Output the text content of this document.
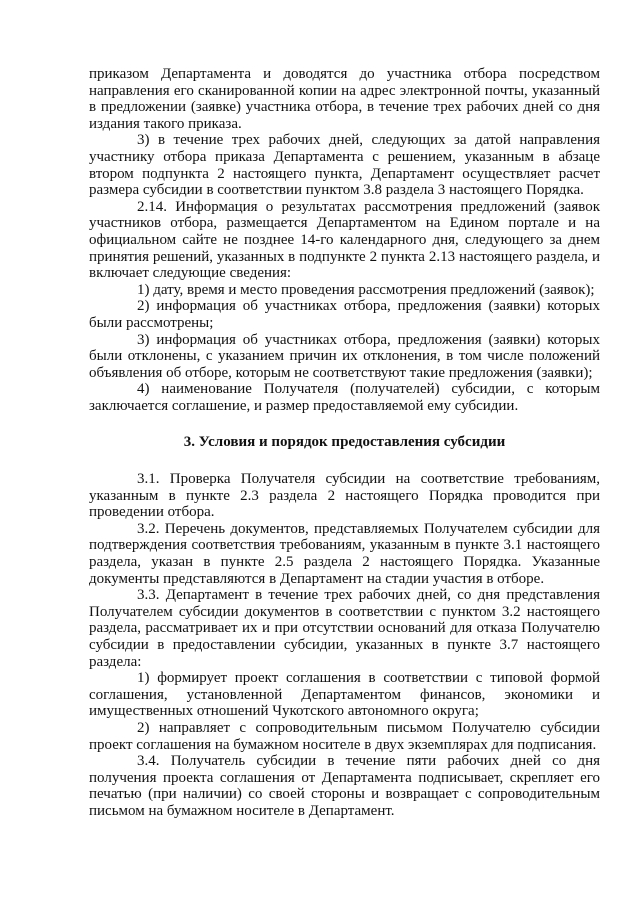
приказом Департамента и доводятся до участника отбора посредством направления его сканированной копии на адрес электронной почты, указанный в предложении (заявке) участника отбора, в течение трех рабочих дней со дня издания такого приказа.

3) в течение трех рабочих дней, следующих за датой направления участнику отбора приказа Департамента с решением, указанным в абзаце втором подпункта 2 настоящего пункта, Департамент осуществляет расчет размера субсидии в соответствии пунктом 3.8 раздела 3 настоящего Порядка.

2.14. Информация о результатах рассмотрения предложений (заявок участников отбора, размещается Департаментом на Едином портале и на официальном сайте не позднее 14-го календарного дня, следующего за днем принятия решений, указанных в подпункте 2 пункта 2.13 настоящего раздела, и включает следующие сведения:

1) дату, время и место проведения рассмотрения предложений (заявок);

2) информация об участниках отбора, предложения (заявки) которых были рассмотрены;

3) информация об участниках отбора, предложения (заявки) которых были отклонены, с указанием причин их отклонения, в том числе положений объявления об отборе, которым не соответствуют такие предложения (заявки);

4) наименование Получателя (получателей) субсидии, с которым заключается соглашение, и размер предоставляемой ему субсидии.

3. Условия и порядок предоставления субсидии

3.1. Проверка Получателя субсидии на соответствие требованиям, указанным в пункте 2.3 раздела 2 настоящего Порядка проводится при проведении отбора.

3.2. Перечень документов, представляемых Получателем субсидии для подтверждения соответствия требованиям, указанным в пункте 3.1 настоящего раздела, указан в пункте 2.5 раздела 2 настоящего Порядка. Указанные документы представляются в Департамент на стадии участия в отборе.

3.3. Департамент в течение трех рабочих дней, со дня представления Получателем субсидии документов в соответствии с пунктом 3.2 настоящего раздела, рассматривает их и при отсутствии оснований для отказа Получателю субсидии в предоставлении субсидии, указанных в пункте 3.7 настоящего раздела:

1) формирует проект соглашения в соответствии с типовой формой соглашения, установленной Департаментом финансов, экономики и имущественных отношений Чукотского автономного округа;

2) направляет с сопроводительным письмом Получателю субсидии проект соглашения на бумажном носителе в двух экземплярах для подписания.

3.4. Получатель субсидии в течение пяти рабочих дней со дня получения проекта соглашения от Департамента подписывает, скрепляет его печатью (при наличии) со своей стороны и возвращает с сопроводительным письмом на бумажном носителе в Департамент.
